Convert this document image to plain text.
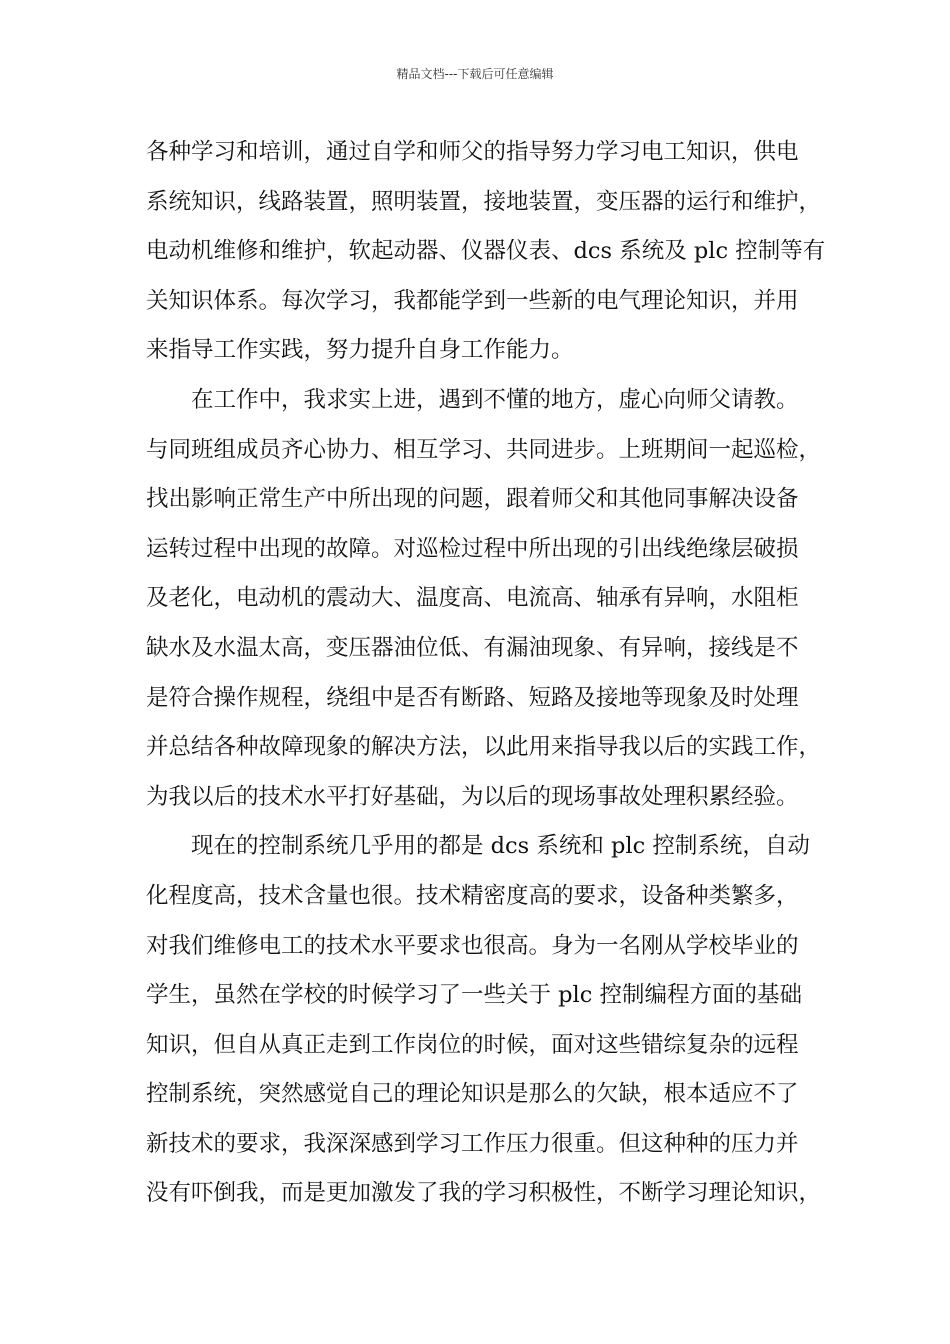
精品文档---下载后可任意编辑
各种学习和培训，通过自学和师父的指导努力学习电工知识，供电
系统知识，线路装置，照明装置，接地装置，变压器的运行和维护，
电动机维修和维护，软起动器、仪器仪表、dcs 系统及 plc 控制等有
关知识体系。每次学习，我都能学到一些新的电气理论知识，并用
来指导工作实践，努力提升自身工作能力。
在工作中，我求实上进，遇到不懂的地方，虚心向师父请教。
与同班组成员齐心协力、相互学习、共同进步。上班期间一起巡检，
找出影响正常生产中所出现的问题，跟着师父和其他同事解决设备
运转过程中出现的故障。对巡检过程中所出现的引出线绝缘层破损
及老化，电动机的震动大、温度高、电流高、轴承有异响，水阻柜
缺水及水温太高，变压器油位低、有漏油现象、有异响，接线是不
是符合操作规程，绕组中是否有断路、短路及接地等现象及时处理
并总结各种故障现象的解决方法，以此用来指导我以后的实践工作，
为我以后的技术水平打好基础，为以后的现场事故处理积累经验。
现在的控制系统几乎用的都是 dcs 系统和 plc 控制系统，自动
化程度高，技术含量也很。技术精密度高的要求，设备种类繁多，
对我们维修电工的技术水平要求也很高。身为一名刚从学校毕业的
学生，虽然在学校的时候学习了一些关于 plc 控制编程方面的基础
知识，但自从真正走到工作岗位的时候，面对这些错综复杂的远程
控制系统，突然感觉自己的理论知识是那么的欠缺，根本适应不了
新技术的要求，我深深感到学习工作压力很重。但这种种的压力并
没有吓倒我，而是更加激发了我的学习积极性，不断学习理论知识，
